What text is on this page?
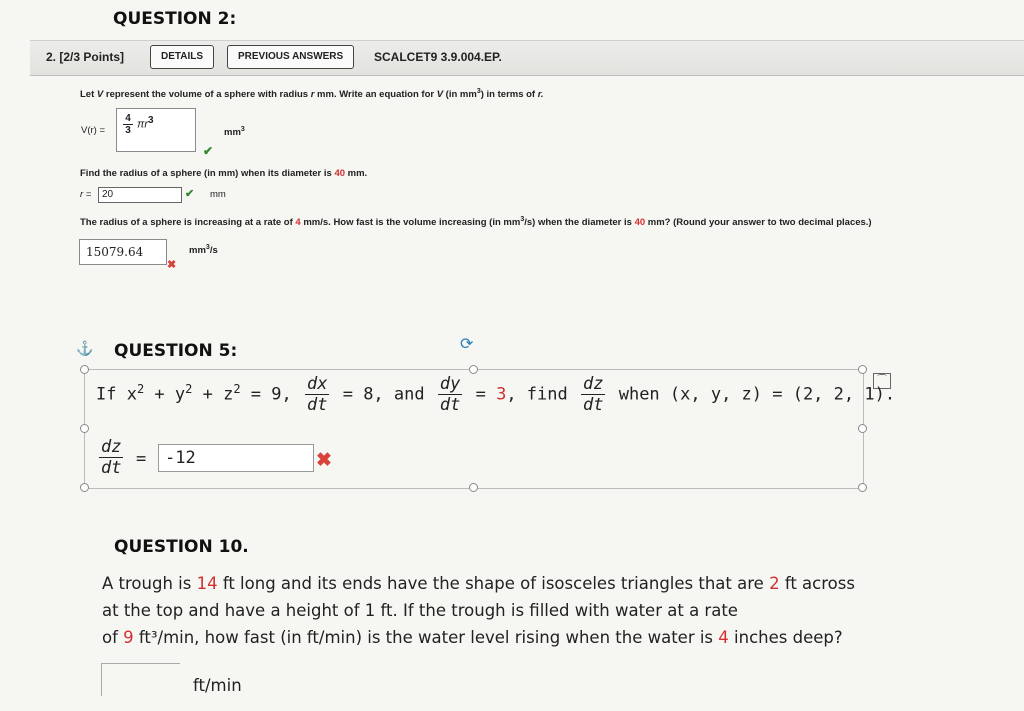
QUESTION 2:
2. [2/3 Points]	DETAILS	PREVIOUS ANSWERS	SCALCET9 3.9.004.EP.
Let V represent the volume of a sphere with radius r mm. Write an equation for V (in $mm^3$) in terms of r.
$V(r) = \frac{4}{3} \pi r^3$
$mm^3$
✔
Find the radius of a sphere (in mm) when its diameter is 40 mm.
r =	20	✔ mm
The radius of a sphere is increasing at a rate of 4 mm/s. How fast is the volume increasing (in $mm^3/s$) when the diameter is 40 mm? (Round your answer to two decimal places.)
15079.64	$mm^3/s$
✖
⚓ QUESTION 5:	⟳
⌒
If $x^2 + y^2 + z^2 = 9$, $\frac{dx}{dt} = 8$, and $\frac{dy}{dt} = 3$, find $\frac{dz}{dt}$ when (x, y, z) = (2, 2, 1).
$\frac{dz}{dt}$ =	-12	✖
QUESTION 10.
A trough is 14 ft long and its ends have the shape of isosceles triangles that are 2 ft across
at the top and have a height of 1 ft. If the trough is filled with water at a rate
of 9 ft³/min, how fast (in ft/min) is the water level rising when the water is 4 inches deep?
ft/min
